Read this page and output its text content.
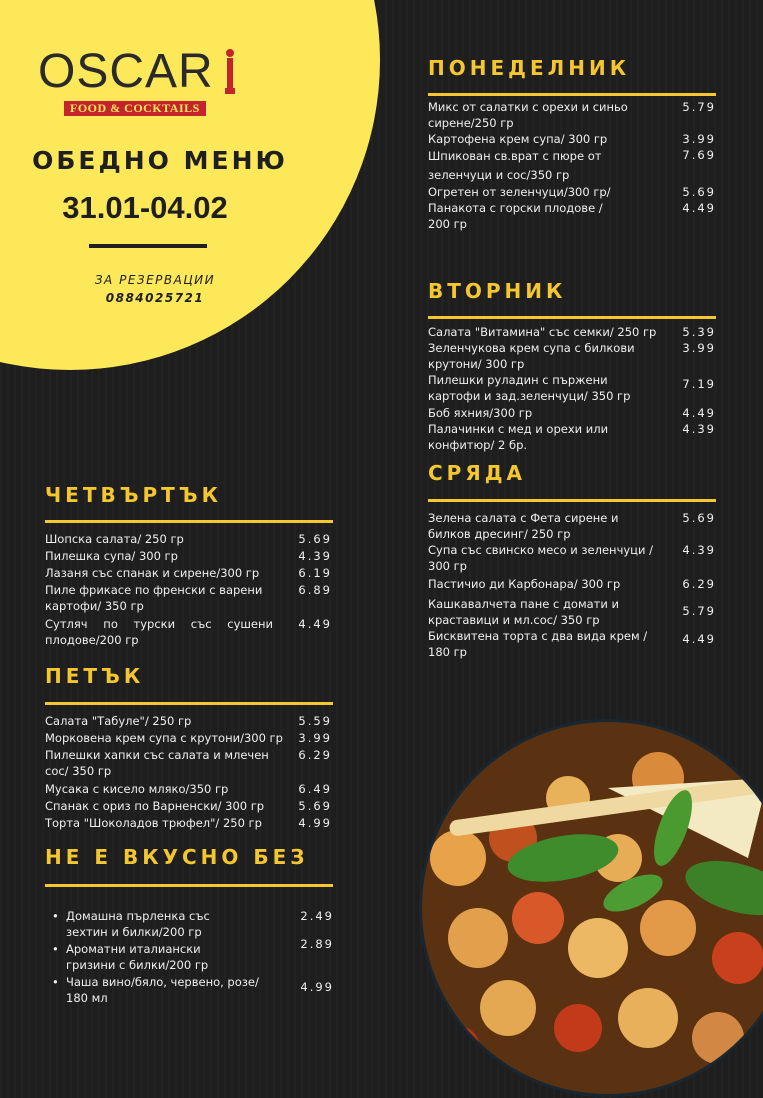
OSCAR
FOOD & COCKTAILS
ОБЕДНО МЕНЮ
31.01-04.02
ЗА РЕЗЕРВАЦИИ
0884025721
ПОНЕДЕЛНИК
Микс от салатки с орехи и синьо сирене/250 гр
5.79
Картофена крем супа/ 300 гр	3.99
Шпикован св.врат с пюре от зеленчуци и сос/350 гр
7.69
Огретен от зеленчуци/300 гр/	5.69
Панакота с горски плодове / 200 гр
4.49
ВТОРНИК
Салата "Витамина" със семки/ 250 гр	5.39
Зеленчукова крем супа с билкови крутони/ 300 гр
3.99
Пилешки руладин с пържени картофи и зад.зеленчуци/ 350 гр
7.19
Боб яхния/300 гр	4.49
Палачинки с мед и орехи или конфитюр/ 2 бр.
4.39
СРЯДА
Зелена салата с Фета сирене и билков дресинг/ 250 гр
5.69
Супа със свинско месо и зеленчуци / 300 гр
4.39
Пастичио ди Карбонара/ 300 гр	6.29
Кашкавалчета пане с домати и краставици и мл.сос/ 350 гр
5.79
Бисквитена торта с два вида крем / 180 гр
4.49
ЧЕТВЪРТЪК
Шопска салата/ 250 гр	5.69
Пилешка супа/ 300 гр	4.39
Лазаня със спанак и сирене/300 гр	6.19
Пиле фрикасе по френски с варени картофи/ 350 гр
6.89
Сутляч по турски със сушени плодове/200 гр
4.49
ПЕТЪК
Салата "Табуле"/ 250 гр	5.59
Морковена крем супа с крутони/300 гр	3.99
Пилешки хапки със салата и млечен сос/ 350 гр
6.29
Мусака с кисело мляко/350 гр	6.49
Спанак с ориз по Варненски/ 300 гр	5.69
Торта "Шоколадов трюфел"/ 250 гр	4.99
НЕ Е ВКУСНО БЕЗ
• Домашна пърленка със зехтин и билки/200 гр
2.49
• Ароматни италиански гризини с билки/200 гр
2.89
• Чаша вино/бяло, червено, розе/ 180 мл
4.99
